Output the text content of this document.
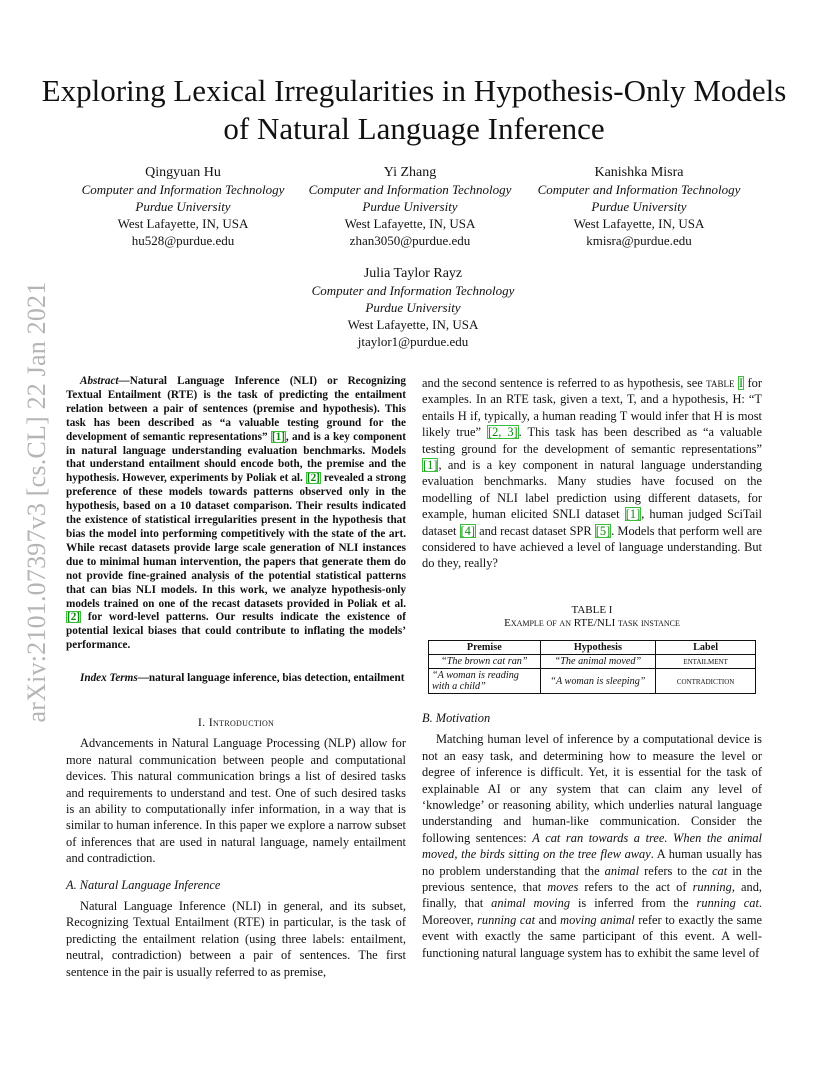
Exploring Lexical Irregularities in Hypothesis-Only Models of Natural Language Inference
arXiv:2101.07397v3 [cs.CL] 22 Jan 2021
Qingyuan Hu
Computer and Information Technology
Purdue University
West Lafayette, IN, USA
hu528@purdue.edu
Yi Zhang
Computer and Information Technology
Purdue University
West Lafayette, IN, USA
zhan3050@purdue.edu
Kanishka Misra
Computer and Information Technology
Purdue University
West Lafayette, IN, USA
kmisra@purdue.edu
Julia Taylor Rayz
Computer and Information Technology
Purdue University
West Lafayette, IN, USA
jtaylor1@purdue.edu

Abstract—Natural Language Inference (NLI) or Recognizing Textual Entailment (RTE) is the task of predicting the entailment relation between a pair of sentences (premise and hypothesis). This task has been described as “a valuable testing ground for the development of semantic representations” [1], and is a key component in natural language understanding evaluation benchmarks. Models that understand entailment should encode both, the premise and the hypothesis. However, experiments by Poliak et al. [2] revealed a strong preference of these models towards patterns observed only in the hypothesis, based on a 10 dataset comparison. Their results indicated the existence of statistical irregularities present in the hypothesis that bias the model into performing competitively with the state of the art. While recast datasets provide large scale generation of NLI instances due to minimal human intervention, the papers that generate them do not provide fine-grained analysis of the potential statistical patterns that can bias NLI models. In this work, we analyze hypothesis-only models trained on one of the recast datasets provided in Poliak et al. [2] for word-level patterns. Our results indicate the existence of potential lexical biases that could contribute to inflating the models’ performance.

Index Terms—natural language inference, bias detection, entailment

I. Introduction

Advancements in Natural Language Processing (NLP) allow for more natural communication between people and computational devices. This natural communication brings a list of desired tasks and requirements to understand and test. One of such desired tasks is an ability to computationally infer information, in a way that is similar to human inference. In this paper we explore a narrow subset of inferences that are used in natural language, namely entailment and contradiction.

A. Natural Language Inference

Natural Language Inference (NLI) in general, and its subset, Recognizing Textual Entailment (RTE) in particular, is the task of predicting the entailment relation (using three labels: entailment, neutral, contradiction) between a pair of sentences. The first sentence in the pair is usually referred to as premise,

and the second sentence is referred to as hypothesis, see table I for examples. In an RTE task, given a text, T, and a hypothesis, H: “T entails H if, typically, a human reading T would infer that H is most likely true” [2, 3]. This task has been described as “a valuable testing ground for the development of semantic representations” [1], and is a key component in natural language understanding evaluation benchmarks. Many studies have focused on the modelling of NLI label prediction using different datasets, for example, human elicited SNLI dataset [1], human judged SciTail dataset [4] and recast dataset SPR [5]. Models that perform well are considered to have achieved a level of language understanding. But do they, really?

TABLE I
Example of an RTE/NLI task instance
Premise	Hypothesis	Label
“The brown cat ran”	“The animal moved”	entailment
“A woman is reading with a child”	“A woman is sleeping”	contradiction

B. Motivation

Matching human level of inference by a computational device is not an easy task, and determining how to measure the level or degree of inference is difficult. Yet, it is essential for the task of explainable AI or any system that can claim any level of ‘knowledge’ or reasoning ability, which underlies natural language understanding and human-like communication. Consider the following sentences: A cat ran towards a tree. When the animal moved, the birds sitting on the tree flew away. A human usually has no problem understanding that the animal refers to the cat in the previous sentence, that moves refers to the act of running, and, finally, that animal moving is inferred from the running cat. Moreover, running cat and moving animal refer to exactly the same event with exactly the same participant of this event. A well-functioning natural language system has to exhibit the same level of
